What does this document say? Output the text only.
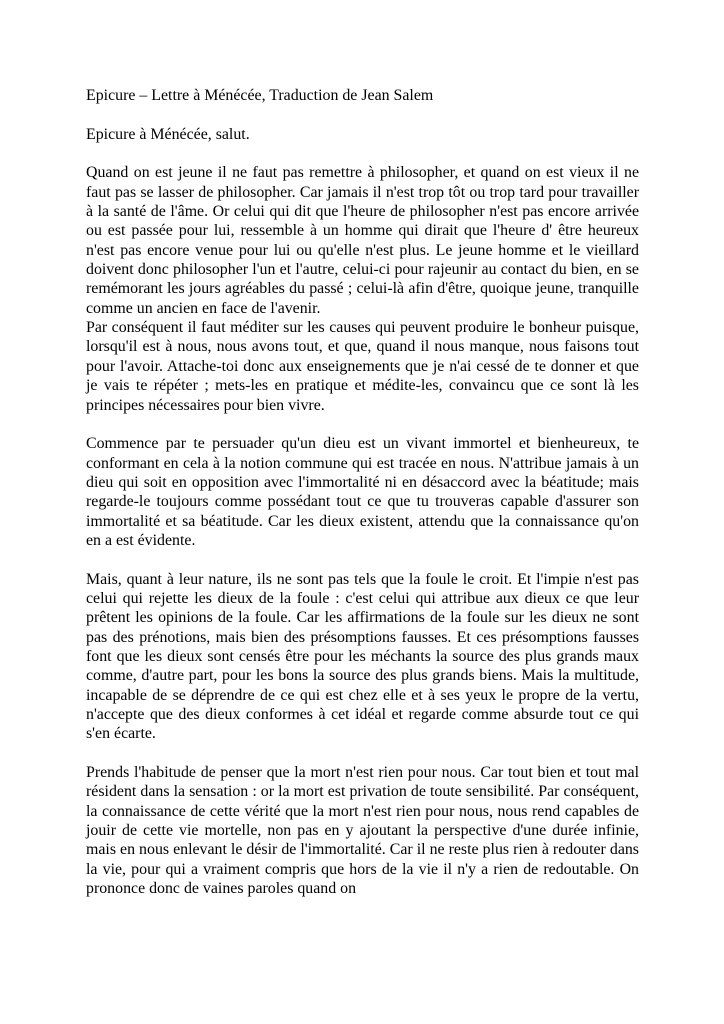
Epicure – Lettre à Ménécée, Traduction de Jean Salem

Epicure à Ménécée, salut.

Quand on est jeune il ne faut pas remettre à philosopher, et quand on est vieux il ne faut pas se lasser de philosopher. Car jamais il n'est trop tôt ou trop tard pour travailler à la santé de l'âme. Or celui qui dit que l'heure de philosopher n'est pas encore arrivée ou est passée pour lui, ressemble à un homme qui dirait que l'heure d' être heureux n'est pas encore venue pour lui ou qu'elle n'est plus. Le jeune homme et le vieillard doivent donc philosopher l'un et l'autre, celui-ci pour rajeunir au contact du bien, en se remémorant les jours agréables du passé ; celui-là afin d'être, quoique jeune, tranquille comme un ancien en face de l'avenir.

Par conséquent il faut méditer sur les causes qui peuvent produire le bonheur puisque, lorsqu'il est à nous, nous avons tout, et que, quand il nous manque, nous faisons tout pour l'avoir. Attache-toi donc aux enseignements que je n'ai cessé de te donner et que je vais te répéter ; mets-les en pratique et médite-les, convaincu que ce sont là les principes nécessaires pour bien vivre.

Commence par te persuader qu'un dieu est un vivant immortel et bienheureux, te conformant en cela à la notion commune qui est tracée en nous. N'attribue jamais à un dieu qui soit en opposition avec l'immortalité ni en désaccord avec la béatitude; mais regarde-le toujours comme possédant tout ce que tu trouveras capable d'assurer son immortalité et sa béatitude. Car les dieux existent, attendu que la connaissance qu'on en a est évidente.

Mais, quant à leur nature, ils ne sont pas tels que la foule le croit. Et l'impie n'est pas celui qui rejette les dieux de la foule : c'est celui qui attribue aux dieux ce que leur prêtent les opinions de la foule. Car les affirmations de la foule sur les dieux ne sont pas des prénotions, mais bien des présomptions fausses. Et ces présomptions fausses font que les dieux sont censés être pour les méchants la source des plus grands maux comme, d'autre part, pour les bons la source des plus grands biens. Mais la multitude, incapable de se déprendre de ce qui est chez elle et à ses yeux le propre de la vertu, n'accepte que des dieux conformes à cet idéal et regarde comme absurde tout ce qui s'en écarte.

Prends l'habitude de penser que la mort n'est rien pour nous. Car tout bien et tout mal résident dans la sensation : or la mort est privation de toute sensibilité. Par conséquent, la connaissance de cette vérité que la mort n'est rien pour nous, nous rend capables de jouir de cette vie mortelle, non pas en y ajoutant la perspective d'une durée infinie, mais en nous enlevant le désir de l'immortalité. Car il ne reste plus rien à redouter dans la vie, pour qui a vraiment compris que hors de la vie il n'y a rien de redoutable. On prononce donc de vaines paroles quand on
